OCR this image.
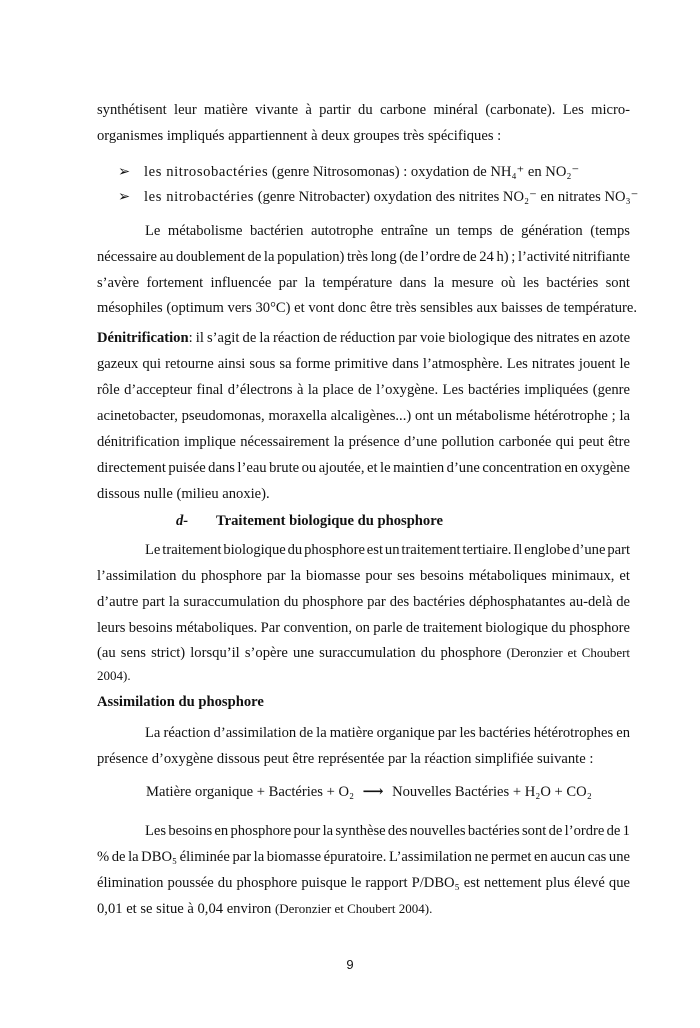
synthétisent leur matière vivante à partir du carbone minéral (carbonate). Les micro-
organismes impliqués appartiennent à deux groupes très spécifiques :
➢ les nitrosobactéries (genre Nitrosomonas) : oxydation de NH₄⁺ en NO₂⁻
➢ les nitrobactéries (genre Nitrobacter) oxydation des nitrites NO₂⁻ en nitrates NO₃⁻
Le métabolisme bactérien autotrophe entraîne un temps de génération (temps
nécessaire au doublement de la population) très long (de l’ordre de 24 h) ; l’activité nitrifiante
s’avère fortement influencée par la température dans la mesure où les bactéries sont
mésophiles (optimum vers 30°C) et vont donc être très sensibles aux baisses de température.
Dénitrification: il s’agit de la réaction de réduction par voie biologique des nitrates en azote
gazeux qui retourne ainsi sous sa forme primitive dans l’atmosphère. Les nitrates jouent le
rôle d’accepteur final d’électrons à la place de l’oxygène. Les bactéries impliquées (genre
acinetobacter, pseudomonas, moraxella alcaligènes...) ont un métabolisme hétérotrophe ; la
dénitrification implique nécessairement la présence d’une pollution carbonée qui peut être
directement puisée dans l’eau brute ou ajoutée, et le maintien d’une concentration en oxygène
dissous nulle (milieu anoxie).
d- Traitement biologique du phosphore
Le traitement biologique du phosphore est un traitement tertiaire. Il englobe d’une part
l’assimilation du phosphore par la biomasse pour ses besoins métaboliques minimaux, et
d’autre part la suraccumulation du phosphore par des bactéries déphosphatantes au-delà de
leurs besoins métaboliques. Par convention, on parle de traitement biologique du phosphore
(au sens strict) lorsqu’il s’opère une suraccumulation du phosphore (Deronzier et Choubert
2004).
Assimilation du phosphore
La réaction d’assimilation de la matière organique par les bactéries hétérotrophes en
présence d’oxygène dissous peut être représentée par la réaction simplifiée suivante :
Matière organique + Bactéries + O₂ ⟶ Nouvelles Bactéries + H₂O + CO₂
Les besoins en phosphore pour la synthèse des nouvelles bactéries sont de l’ordre de 1
% de la DBO₅ éliminée par la biomasse épuratoire. L’assimilation ne permet en aucun cas une
élimination poussée du phosphore puisque le rapport P/DBO₅ est nettement plus élevé que
0,01 et se situe à 0,04 environ (Deronzier et Choubert 2004).
9
